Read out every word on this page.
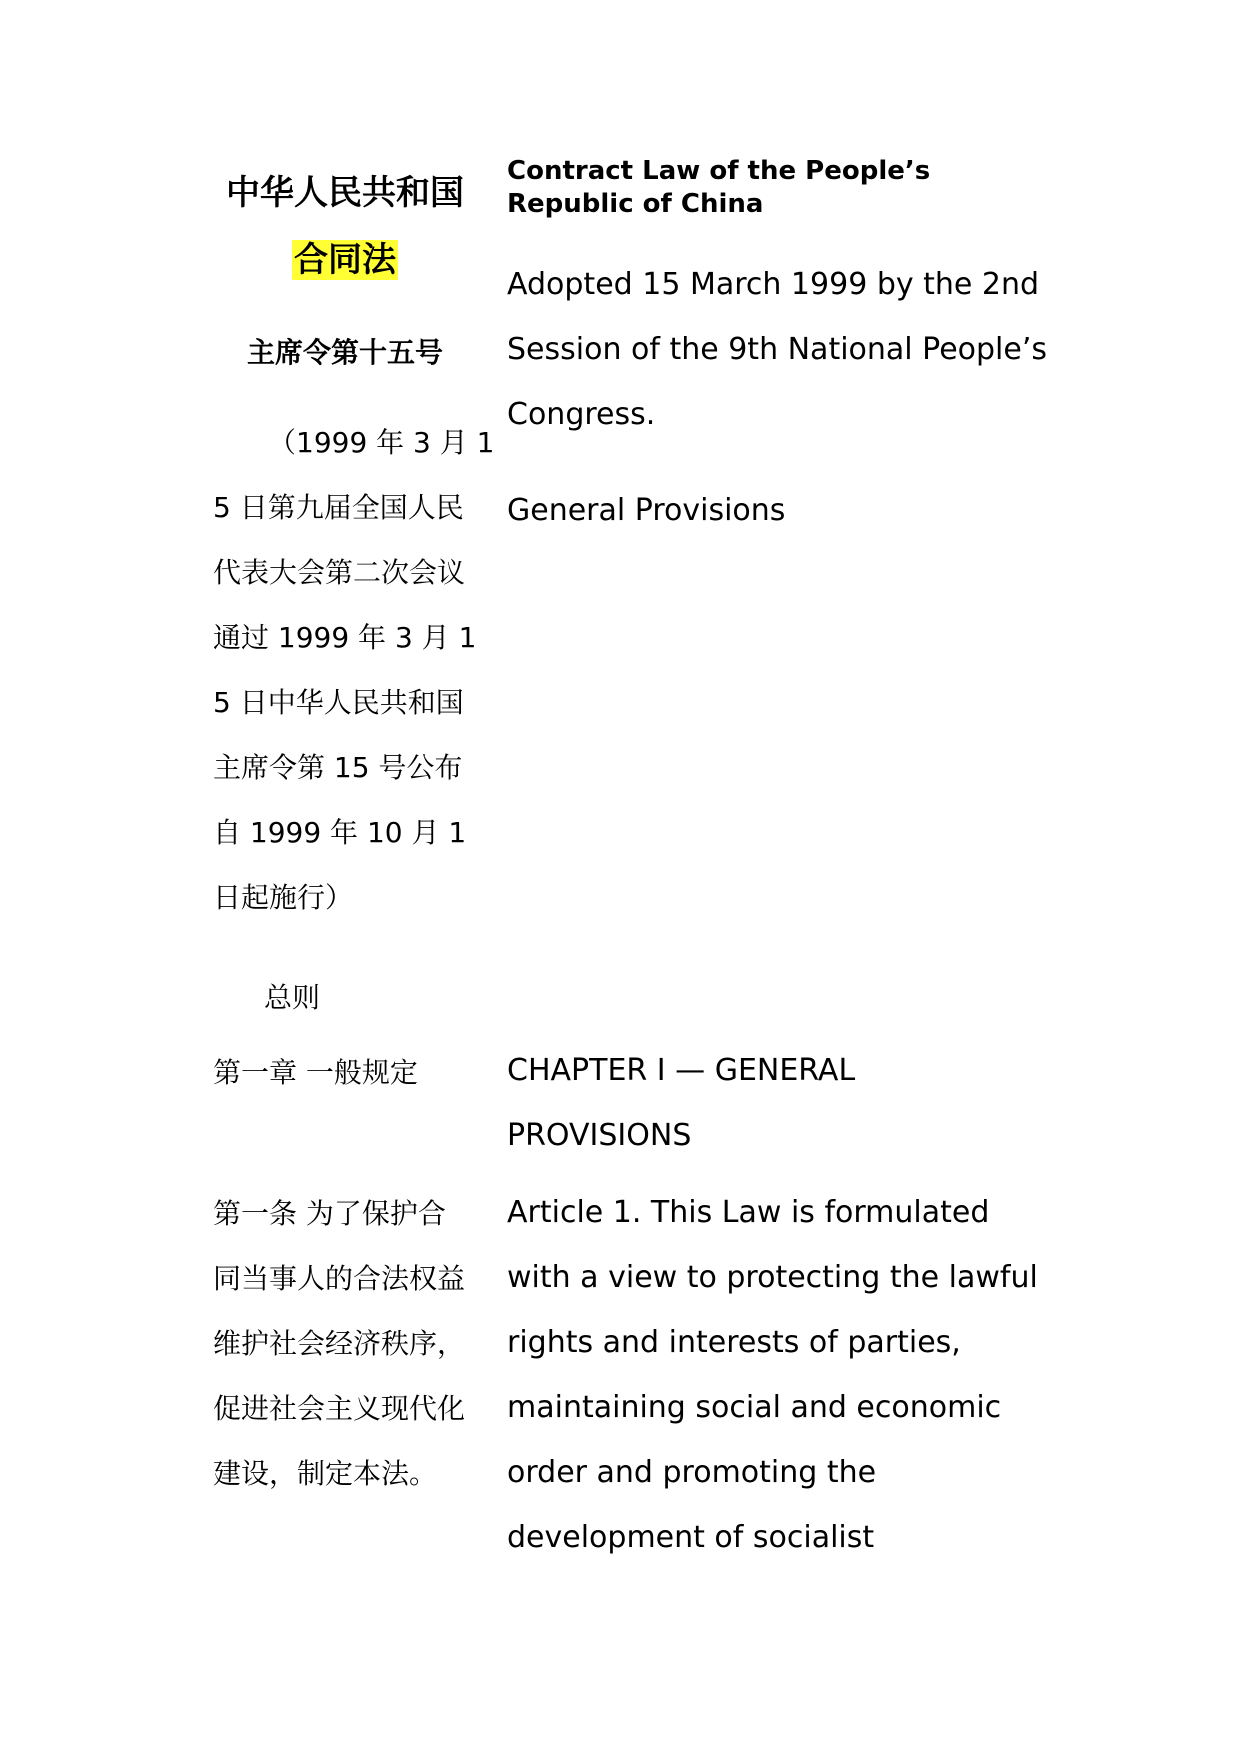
中华人民共和国
合同法
主席令第十五号
（1999 年 3 月 1
5 日第九届全国人民
代表大会第二次会议
通过 1999 年 3 月 1
5 日中华人民共和国
主席令第 15 号公布
自 1999 年 10 月 1
日起施行）
总则
第一章 一般规定
第一条 为了保护合
同当事人的合法权益
维护社会经济秩序，
促进社会主义现代化
建设，制定本法。
Contract Law of the People’s Republic of China
Adopted 15 March 1999 by the 2nd
Session of the 9th National People’s
Congress.
General Provisions
CHAPTER I — GENERAL
PROVISIONS
Article 1. This Law is formulated
with a view to protecting the lawful
rights and interests of parties,
maintaining social and economic
order and promoting the
development of socialist
